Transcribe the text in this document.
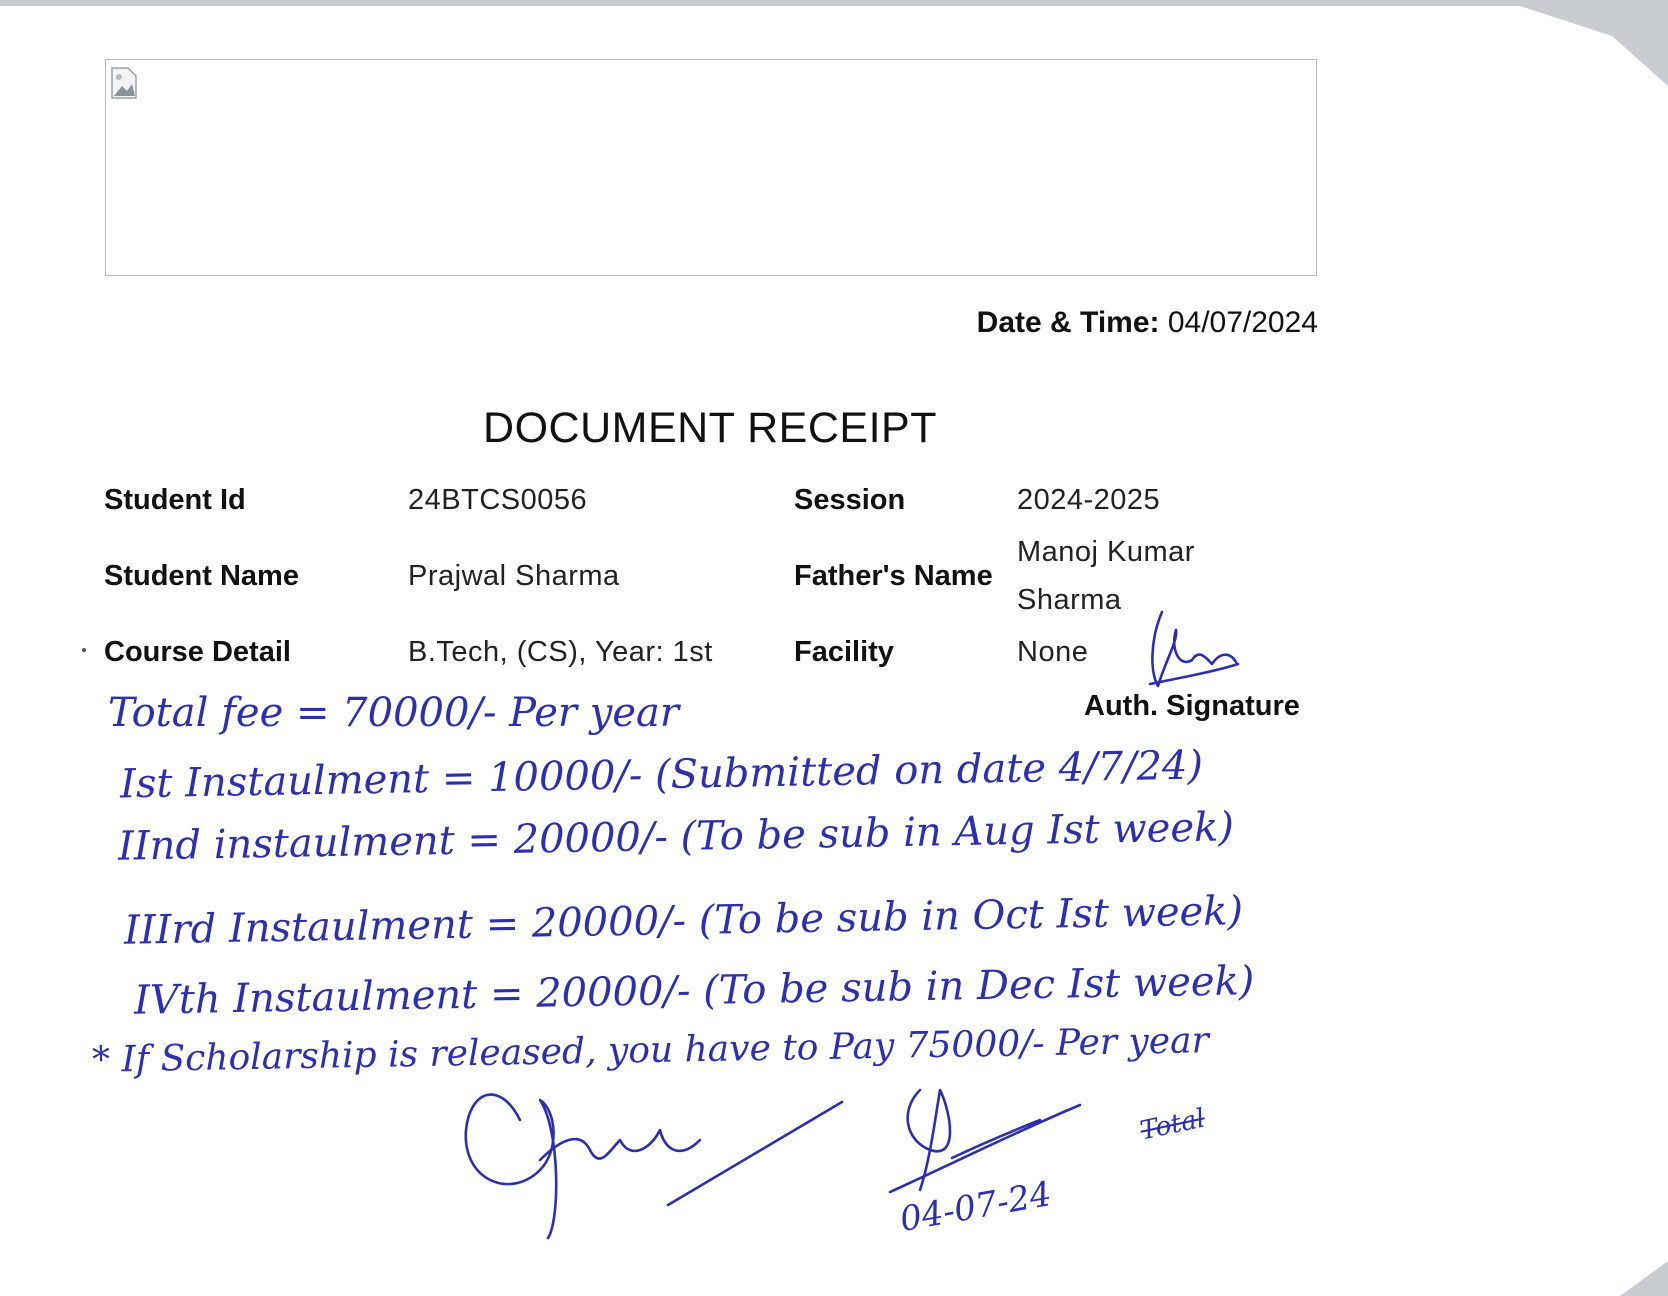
Date & Time: 04/07/2024
DOCUMENT RECEIPT
Student Id	24BTCS0056	Session	2024-2025
Student Name	Prajwal Sharma	Father's Name
Manoj Kumar Sharma
Course Detail	B.Tech, (CS), Year: 1st	Facility	None
Auth. Signature
Total fee = 70000/- Per year
Ist Instaulment = 10000/- (Submitted on date 4/7/24)
IInd instaulment = 20000/- (To be sub in Aug Ist week)
IIIrd Instaulment = 20000/- (To be sub in Oct Ist week)
IVth Instaulment = 20000/- (To be sub in Dec Ist week)
* If Scholarship is released, you have to Pay 75000/- Per year
04-07-24
Total
